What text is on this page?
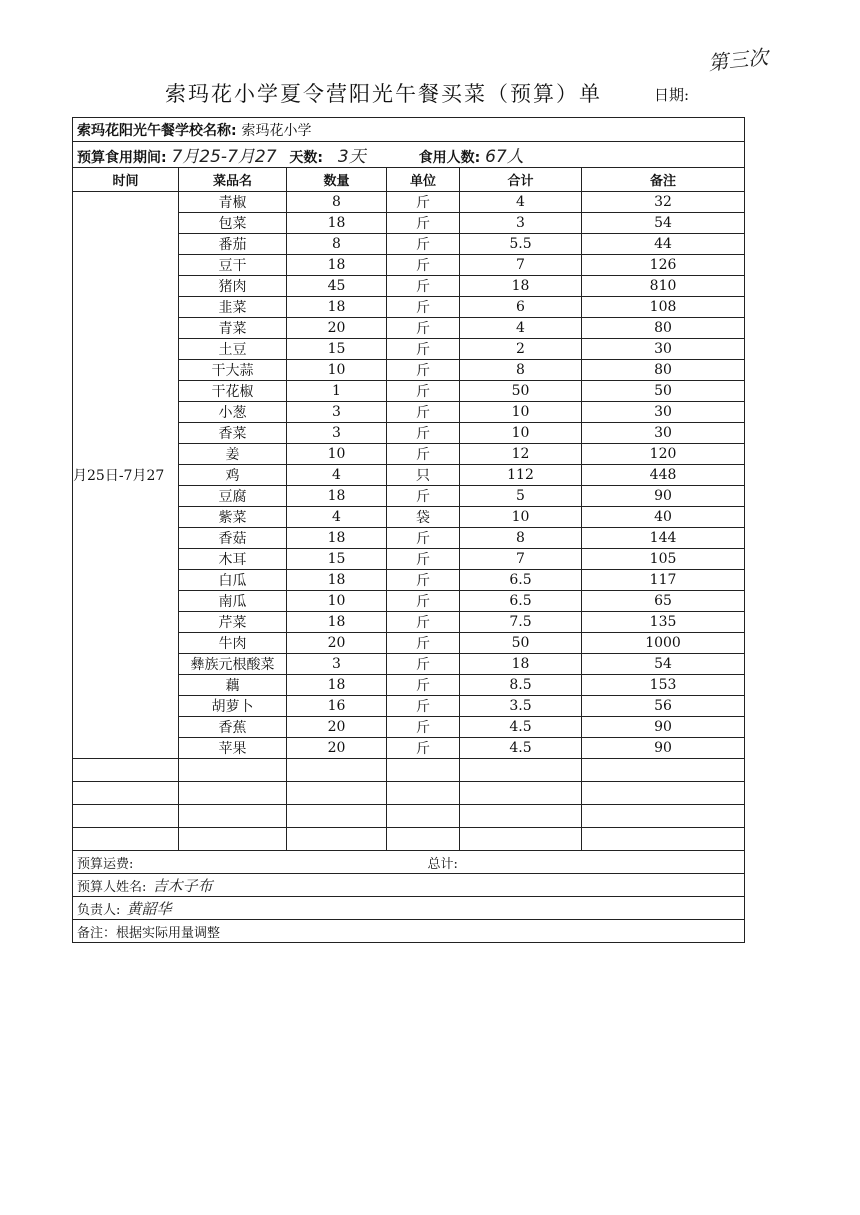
索玛花小学夏令营阳光午餐买菜（预算）单	日期:
第三次
索玛花阳光午餐学校名称: 索玛花小学					
预算食用期间: 7月25-7月27 天数: 3天 食用人数: 67人					
时间	菜品名	数量	单位	合计	备注
月25日-7月27	青椒	8	斤	4	32
	包菜	18	斤	3	54
	番茄	8	斤	5.5	44
	豆干	18	斤	7	126
	猪肉	45	斤	18	810
	韭菜	18	斤	6	108
	青菜	20	斤	4	80
	土豆	15	斤	2	30
	干大蒜	10	斤	8	80
	干花椒	1	斤	50	50
	小葱	3	斤	10	30
	香菜	3	斤	10	30
	姜	10	斤	12	120
	鸡	4	只	112	448
	豆腐	18	斤	5	90
	紫菜	4	袋	10	40
	香菇	18	斤	8	144
	木耳	15	斤	7	105
	白瓜	18	斤	6.5	117
	南瓜	10	斤	6.5	65
	芹菜	18	斤	7.5	135
	牛肉	20	斤	50	1000
	彝族元根酸菜	3	斤	18	54
	藕	18	斤	8.5	153
	胡萝卜	16	斤	3.5	56
	香蕉	20	斤	4.5	90
	苹果	20	斤	4.5	90

预算运费: 总计:					
预算人姓名: 吉木子布					
负责人: 黄韶华					
备注：根据实际用量调整					
